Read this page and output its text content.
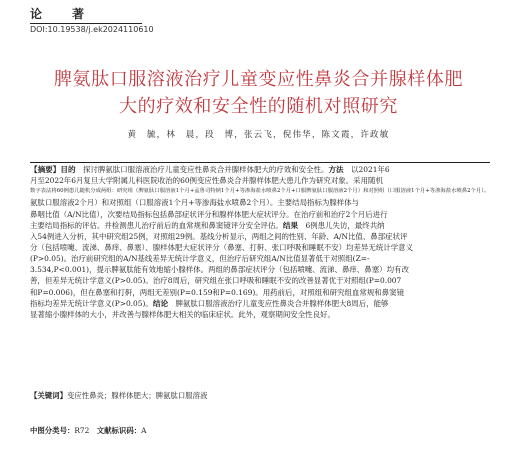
论　著
DOI:10.19538/j.ek2024110610
脾氨肽口服溶液治疗儿童变应性鼻炎合并腺样体肥
大的疗效和安全性的随机对照研究
黄　毓，林　晨，段　博，张云飞，倪伟华，陈文霞，许政敏
【摘要】目的　探讨脾氨肽口服溶液治疗儿童变应性鼻炎合并腺样体肥大的疗效和安全性。方法　以2021年6
月至2022年6月复旦大学附属儿科医院收治的60例变应性鼻炎合并腺样体肥大患儿作为研究对象。采用随机
数字表法将60例患儿随机分成两组：研究组（脾氨肽口服溶液1个月+孟鲁司特钠1个月+等渗海盐水喷鼻2个月+口服脾氨肽口服溶液2个月）和对照组（口服溶液1个月+等渗海盐水喷鼻2个月）。
氨肽口服溶液2个月）和对照组（口服溶液1个月+等渗海盐水喷鼻2个月）。主要结局指标为腺样体与
鼻咽比值（A/N比值），次要结局指标包括鼻部症状评分和腺样体肥大症状评分。在治疗前和治疗2个月后进行
主要结局指标的评估。并检测患儿治疗前后的血常规和鼻窦镜评分安全评估。结果　6例患儿失访，最终共纳
入54例进入分析，其中研究组25例，对照组29例。基线分析显示，两组之间的性别、年龄、A/N比值、鼻部症状评
分（包括喷嚏、流涕、鼻痒、鼻塞）、腺样体肥大症状评分（鼻塞、打鼾、张口呼吸和睡眠不安）均差异无统计学意义
(P>0.05)。治疗前研究组的A/N基线差异无统计学意义，但治疗后研究组A/N比值显著低于对照组(Z=-
3.534,P<0.001)，提示脾氨肽能有效地缩小腺样体。两组的鼻部症状评分（包括喷嚏、流涕、鼻痒、鼻塞）均有改
善，但差异无统计学意义(P>0.05)。治疗8周后，研究组在张口呼吸和睡眠不安的改善显著优于对照组(P=0.007
和P=0.006)，但在鼻塞和打鼾，两组无差别(P=0.159和P=0.169)。用药前后，对照组和研究组血常规和鼻窦镜
指标均差异无统计学意义(P>0.05)。结论　脾氨肽口服溶液治疗儿童变应性鼻炎合并腺样体肥大8周后，能够
显著缩小腺样体的大小，并改善与腺样体肥大相关的临床症状。此外，观察期间安全性良好。

【关键词】变应性鼻炎；腺样体肥大；脾氨肽口服溶液

中图分类号：R72　 文献标识码：A
